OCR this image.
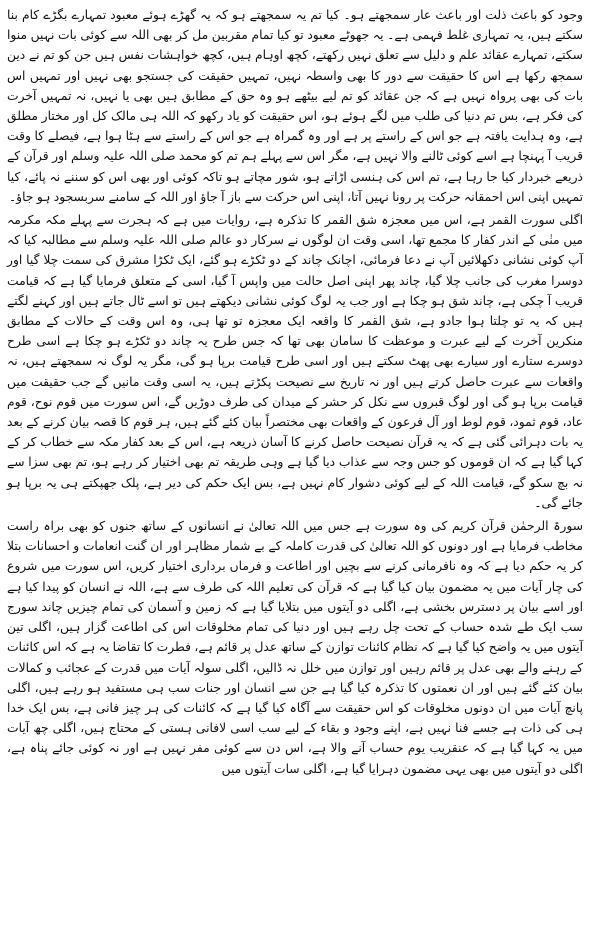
وجود کو باعث ذلت اور باعث عار سمجھتے ہو۔ کیا تم یہ سمجھتے ہو کہ یہ گھڑے ہوئے معبود تمہارے بگڑے کام بنا سکتے ہیں، یہ تمہاری غلط فہمی ہے۔ یہ جھوٹے معبود تو کیا تمام مقربین مل کر بھی اللہ سے کوئی بات نہیں منوا سکتے، تمہارے عقائد علم و دلیل سے تعلق نہیں رکھتے، کچھ اوہام ہیں، کچھ خواہشات نفس ہیں جن کو تم نے دین سمجھ رکھا ہے اس کا حقیقت سے دور کا بھی واسطہ نہیں، تمہیں حقیقت کی جستجو بھی نہیں اور تمہیں اس بات کی بھی پرواہ نہیں ہے کہ جن عقائد کو تم لیے بیٹھے ہو وہ حق کے مطابق ہیں بھی یا نہیں، نہ تمہیں آخرت کی فکر ہے، بس تم دنیا کی طلب میں لگے ہوئے ہو، اس حقیقت کو یاد رکھو کہ اللہ ہی مالک کل اور مختار مطلق ہے، وہ ہدایت یافتہ ہے جو اس کے راستے پر ہے اور وہ گمراہ ہے جو اس کے راستے سے ہٹا ہوا ہے، فیصلے کا وقت قریب آ پہنچا ہے اسے کوئی ٹالنے والا نہیں ہے، مگر اس سے پہلے ہم تم کو محمد صلی اللہ علیہ وسلم اور قرآن کے ذریعے خبردار کیا جا رہا ہے، تم اس کی ہنسی اڑاتے ہو، شور مچاتے ہو تاکہ کوئی اور بھی اس کو سننے نہ پائے، کیا تمہیں اپنی اس احمقانہ حرکت پر رونا نہیں آتا، اپنی اس حرکت سے باز آ جاؤ اور اللہ کے سامنے سربسجود ہو جاؤ۔

اگلی سورت القمر ہے، اس میں معجزہ شق القمر کا تذکرہ ہے، روایات میں ہے کہ ہجرت سے پہلے مکہ مکرمہ میں منٰی کے اندر کفار کا مجمع تھا، اسی وقت ان لوگوں نے سرکار دو عالم صلی اللہ علیہ وسلم سے مطالبہ کیا کہ آپ کوئی نشانی دکھلائیں آپ نے دعا فرمائی، اچانک چاند کے دو ٹکڑے ہو گئے، ایک ٹکڑا مشرق کی سمت چلا گیا اور دوسرا مغرب کی جانب چلا گیا، چاند پھر اپنی اصل حالت میں واپس آ گیا، اسی کے متعلق فرمایا گیا ہے کہ قیامت قریب آ چکی ہے، چاند شق ہو چکا ہے اور جب یہ لوگ کوئی نشانی دیکھتے ہیں تو اسے ٹال جاتے ہیں اور کہنے لگتے ہیں کہ یہ تو چلتا ہوا جادو ہے، شق القمر کا واقعہ ایک معجزہ تو تھا ہی، وہ اس وقت کے حالات کے مطابق منکرین آخرت کے لیے عبرت و موعظت کا سامان بھی تھا کہ جس طرح یہ چاند دو ٹکڑے ہو چکا ہے اسی طرح دوسرے ستارے اور سیارے بھی پھٹ سکتے ہیں اور اسی طرح قیامت برپا ہو گی، مگر یہ لوگ نہ سمجھتے ہیں، نہ واقعات سے عبرت حاصل کرتے ہیں اور نہ تاریخ سے نصیحت پکڑتے ہیں، یہ اسی وقت مانیں گے جب حقیقت میں قیامت برپا ہو گی اور لوگ قبروں سے نکل کر حشر کے میدان کی طرف دوڑیں گے، اس سورت میں قوم نوح، قوم عاد، قوم ثمود، قوم لوط اور آل فرعون کے واقعات بھی مختصراً بیان کئے گئے ہیں، ہر قوم کا قصہ بیان کرنے کے بعد یہ بات دہرائی گئی ہے کہ یہ قرآن نصیحت حاصل کرنے کا آسان ذریعہ ہے، اس کے بعد کفار مکہ سے خطاب کر کے کہا گیا ہے کہ ان قوموں کو جس وجہ سے عذاب دیا گیا ہے وہی طریقہ تم بھی اختیار کر رہے ہو، تم بھی سزا سے نہ بچ سکو گے، قیامت اللہ کے لیے کوئی دشوار کام نہیں ہے، بس ایک حکم کی دیر ہے، پلک جھپکتے ہی یہ برپا ہو جائے گی۔

سورۃ الرحمٰن قرآن کریم کی وہ سورت ہے جس میں اللہ تعالیٰ نے انسانوں کے ساتھ جنوں کو بھی براہ راست مخاطب فرمایا ہے اور دونوں کو اللہ تعالیٰ کی قدرت کاملہ کے بے شمار مظاہر اور ان گنت انعامات و احسانات بتلا کر یہ حکم دیا ہے کہ وہ نافرمانی کرنے سے بچیں اور اطاعت و فرماں برداری اختیار کریں، اس سورت میں شروع کی چار آیات میں یہ مضمون بیان کیا گیا ہے کہ قرآن کی تعلیم اللہ کی طرف سے ہے، اللہ نے انسان کو پیدا کیا ہے اور اسے بیان پر دسترس بخشی ہے، اگلی دو آیتوں میں بتلایا گیا ہے کہ زمین و آسمان کی تمام چیزیں چاند سورج سب ایک طے شدہ حساب کے تحت چل رہے ہیں اور دنیا کی تمام مخلوقات اس کی اطاعت گزار ہیں، اگلی تین آیتوں میں یہ واضح کیا گیا ہے کہ نظام کائنات توازن کے ساتھ عدل پر قائم ہے، فطرت کا تقاضا یہ ہے کہ اس کائنات کے رہنے والے بھی عدل پر قائم رہیں اور توازن میں خلل نہ ڈالیں، اگلی سولہ آیات میں قدرت کے عجائب و کمالات بیان کئے گئے ہیں اور ان نعمتوں کا تذکرہ کیا گیا ہے جن سے انسان اور جنات سب ہی مستفید ہو رہے ہیں، اگلی پانچ آیات میں ان دونوں مخلوقات کو اس حقیقت سے آگاہ کیا گیا ہے کہ کائنات کی ہر چیز فانی ہے، بس ایک خدا ہی کی ذات ہے جسے فنا نہیں ہے، اپنے وجود و بقاء کے لیے سب اسی لافانی ہستی کے محتاج ہیں، اگلی چھ آیات میں یہ کہا گیا ہے کہ عنقریب یوم حساب آنے والا ہے، اس دن سے کوئی مفر نہیں ہے اور نہ کوئی جائے پناہ ہے، اگلی دو آیتوں میں بھی یہی مضمون دہرایا گیا ہے، اگلی سات آیتوں میں
